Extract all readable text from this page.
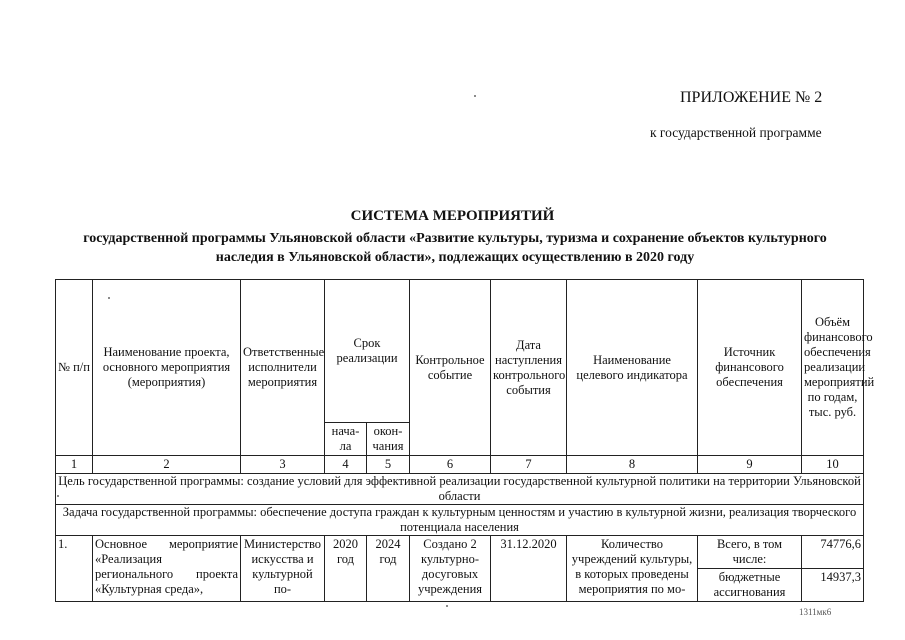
ПРИЛОЖЕНИЕ № 2
к государственной программе
СИСТЕМА МЕРОПРИЯТИЙ
государственной программы Ульяновской области «Развитие культуры, туризма и сохранение объектов культурного наследия в Ульяновской области», подлежащих осуществлению в 2020 году
№ п/п	Наименование проекта, основного мероприятия (мероприятия)	Ответственные исполнители мероприятия	Срок реализации		Контрольное событие	Дата наступления контрольного события	Наименование целевого индикатора	Источник финансового обеспечения	Объём финансового обеспечения реализации мероприятий по годам, тыс. руб.
			нача-ла	окон-чания					
1	2	3	4	5	6	7	8	9	10
Цель государственной программы: создание условий для эффективной реализации государственной культурной политики на территории Ульяновской области									
Задача государственной программы: обеспечение доступа граждан к культурным ценностям и участию в культурной жизни, реализация творческого потенциала населения									
1.	Основное мероприятие «Реализация регионального проекта «Культурная среда»,	Министерство искусства и культурной по-	2020 год	2024 год	Создано 2 культурно-досуговых учреждения	31.12.2020	Количество учреждений культуры, в которых проведены мероприятия по мо-	Всего, в том числе:	74776,6
								бюджетные ассигнования	14937,3
1311мк6
